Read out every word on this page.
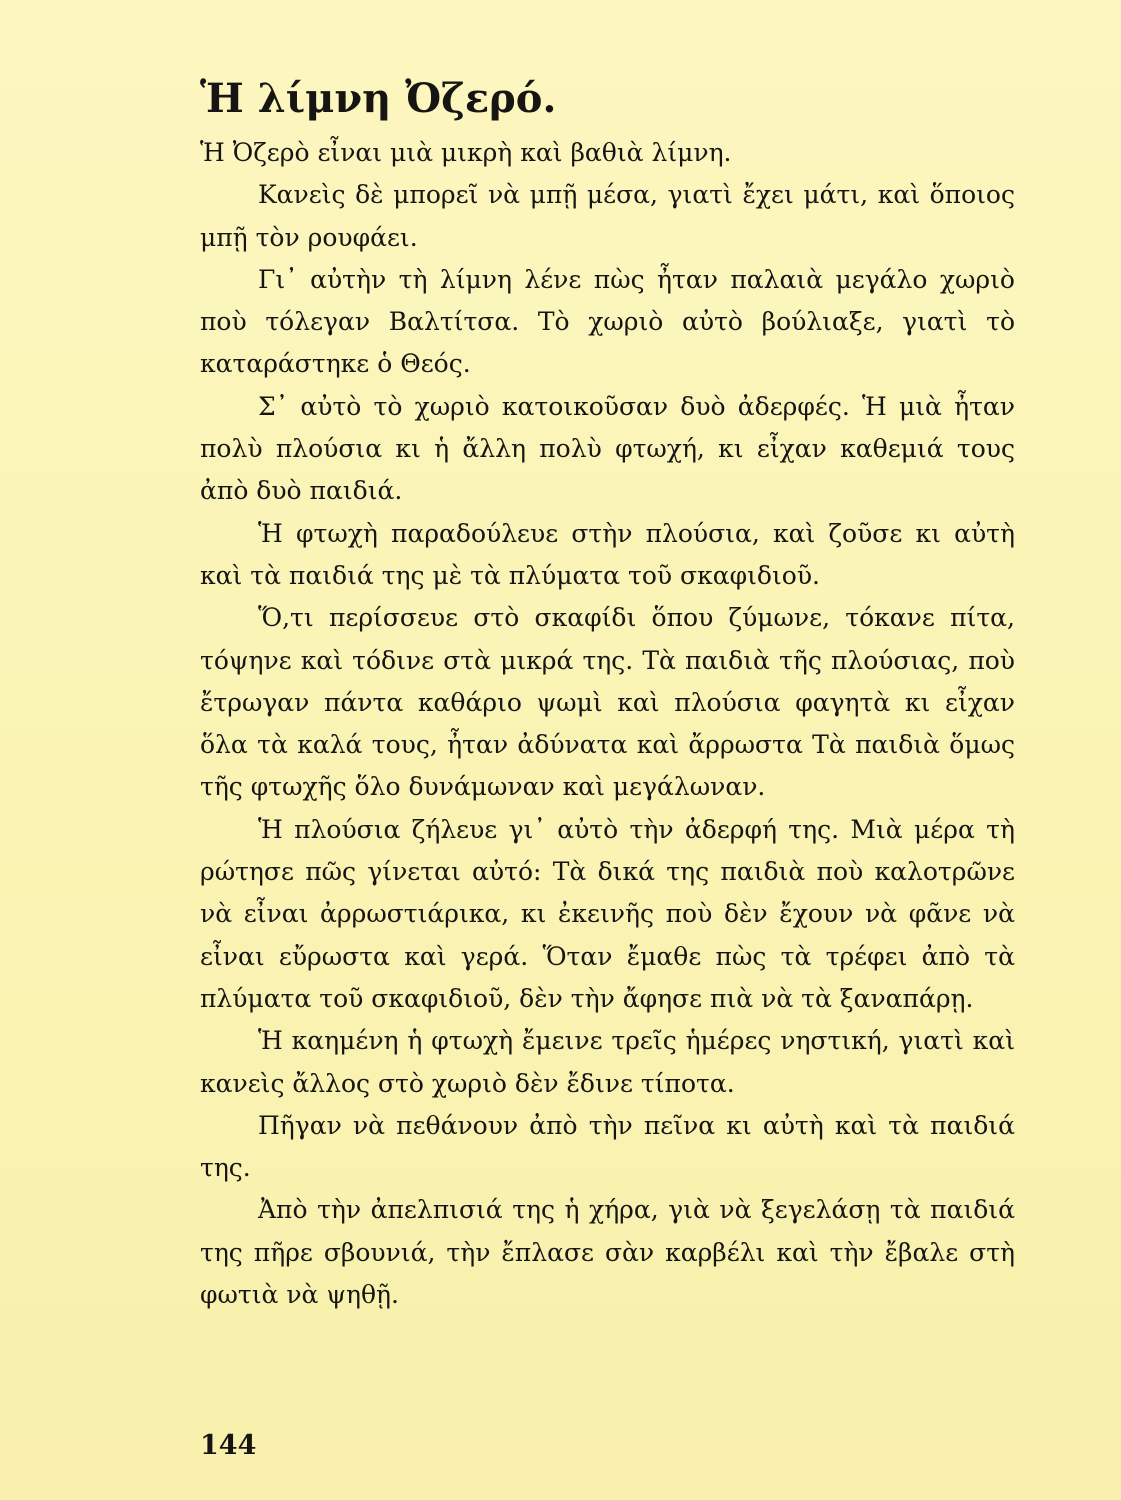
Ἡ λίμνη Ὀζερό.

Ἡ Ὀζερὸ εἶναι μιὰ μικρὴ καὶ βαθιὰ λίμνη.

Κανεὶς δὲ μπορεῖ νὰ μπῇ μέσα, γιατὶ ἔχει μάτι, καὶ ὅποιος μπῇ τὸν ρουφάει.

Γι᾽ αὐτὴν τὴ λίμνη λένε πὼς ἦταν παλαιὰ μεγάλο χωριὸ ποὺ τόλεγαν Βαλτίτσα. Τὸ χωριὸ αὐτὸ βούλιαξε, γιατὶ τὸ καταράστηκε ὁ Θεός.

Σ᾽ αὐτὸ τὸ χωριὸ κατοικοῦσαν δυὸ ἀδερφές. Ἡ μιὰ ἦταν πολὺ πλούσια κι ἡ ἄλλη πολὺ φτωχή, κι εἶχαν καθεμιά τους ἀπὸ δυὸ παιδιά.

Ἡ φτωχὴ παραδούλευε στὴν πλούσια, καὶ ζοῦσε κι αὐτὴ καὶ τὰ παιδιά της μὲ τὰ πλύματα τοῦ σκαφιδιοῦ.

Ὅ,τι περίσσευε στὸ σκαφίδι ὅπου ζύμωνε, τόκανε πίτα, τόψηνε καὶ τόδινε στὰ μικρά της. Τὰ παιδιὰ τῆς πλούσιας, ποὺ ἔτρωγαν πάντα καθάριο ψωμὶ καὶ πλούσια φαγητὰ κι εἶχαν ὅλα τὰ καλά τους, ἦταν ἀδύνατα καὶ ἄρρωστα Τὰ παιδιὰ ὅμως τῆς φτωχῆς ὅλο δυνάμωναν καὶ μεγάλωναν.

Ἡ πλούσια ζήλευε γι᾽ αὐτὸ τὴν ἀδερφή της. Μιὰ μέρα τὴ ρώτησε πῶς γίνεται αὐτό: Τὰ δικά της παιδιὰ ποὺ καλοτρῶνε νὰ εἶναι ἀρρωστιάρικα, κι ἐκεινῆς ποὺ δὲν ἔχουν νὰ φᾶνε νὰ εἶναι εὔρωστα καὶ γερά. Ὅταν ἔμαθε πὼς τὰ τρέφει ἀπὸ τὰ πλύματα τοῦ σκαφιδιοῦ, δὲν τὴν ἄφησε πιὰ νὰ τὰ ξαναπάρῃ.

Ἡ καημένη ἡ φτωχὴ ἔμεινε τρεῖς ἡμέρες νηστική, γιατὶ καὶ κανεὶς ἄλλος στὸ χωριὸ δὲν ἔδινε τίποτα.

Πῆγαν νὰ πεθάνουν ἀπὸ τὴν πεῖνα κι αὐτὴ καὶ τὰ παιδιά της.

Ἀπὸ τὴν ἀπελπισιά της ἡ χήρα, γιὰ νὰ ξεγελάσῃ τὰ παιδιά της πῆρε σβουνιά, τὴν ἔπλασε σὰν καρβέλι καὶ τὴν ἔβαλε στὴ φωτιὰ νὰ ψηθῇ.

144
